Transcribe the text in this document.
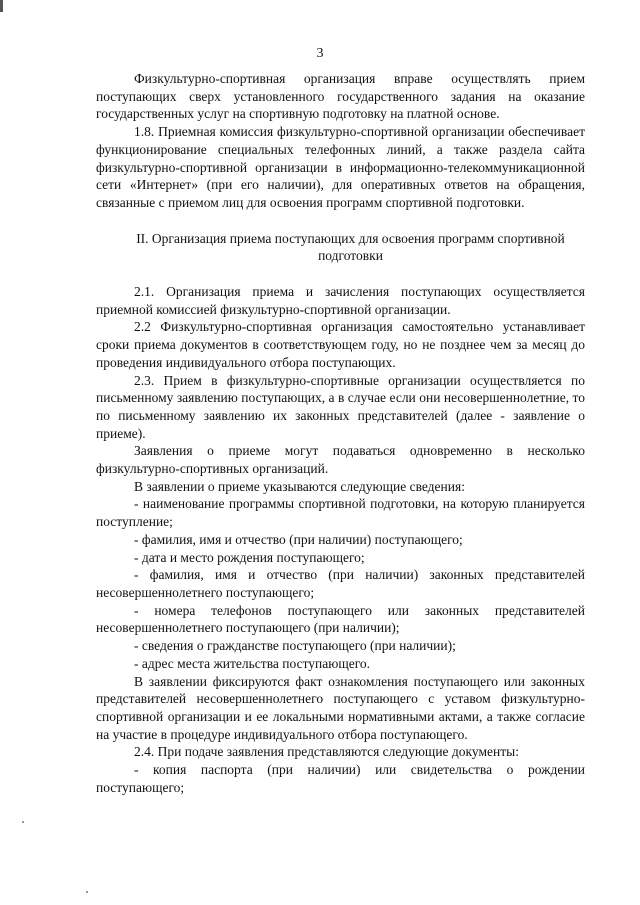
3

Физкультурно-спортивная организация вправе осуществлять прием поступающих сверх установленного государственного задания на оказание государственных услуг на спортивную подготовку на платной основе.

1.8. Приемная комиссия физкультурно-спортивной организации обеспечивает функционирование специальных телефонных линий, а также раздела сайта физкультурно-спортивной организации в информационно-телекоммуникационной сети «Интернет» (при его наличии), для оперативных ответов на обращения, связанные с приемом лиц для освоения программ спортивной подготовки.

II. Организация приема поступающих для освоения программ спортивной подготовки

2.1. Организация приема и зачисления поступающих осуществляется приемной комиссией физкультурно-спортивной организации.

2.2 Физкультурно-спортивная организация самостоятельно устанавливает сроки приема документов в соответствующем году, но не позднее чем за месяц до проведения индивидуального отбора поступающих.

2.3. Прием в физкультурно-спортивные организации осуществляется по письменному заявлению поступающих, а в случае если они несовершеннолетние, то по письменному заявлению их законных представителей (далее - заявление о приеме).

Заявления о приеме могут подаваться одновременно в несколько физкультурно-спортивных организаций.

В заявлении о приеме указываются следующие сведения:

- наименование программы спортивной подготовки, на которую планируется поступление;

- фамилия, имя и отчество (при наличии) поступающего;

- дата и место рождения поступающего;

- фамилия, имя и отчество (при наличии) законных представителей несовершеннолетнего поступающего;

- номера телефонов поступающего или законных представителей несовершеннолетнего поступающего (при наличии);

- сведения о гражданстве поступающего (при наличии);

- адрес места жительства поступающего.

В заявлении фиксируются факт ознакомления поступающего или законных представителей несовершеннолетнего поступающего с уставом физкультурно-спортивной организации и ее локальными нормативными актами, а также согласие на участие в процедуре индивидуального отбора поступающего.

2.4. При подаче заявления представляются следующие документы:

- копия паспорта (при наличии) или свидетельства о рождении поступающего;
